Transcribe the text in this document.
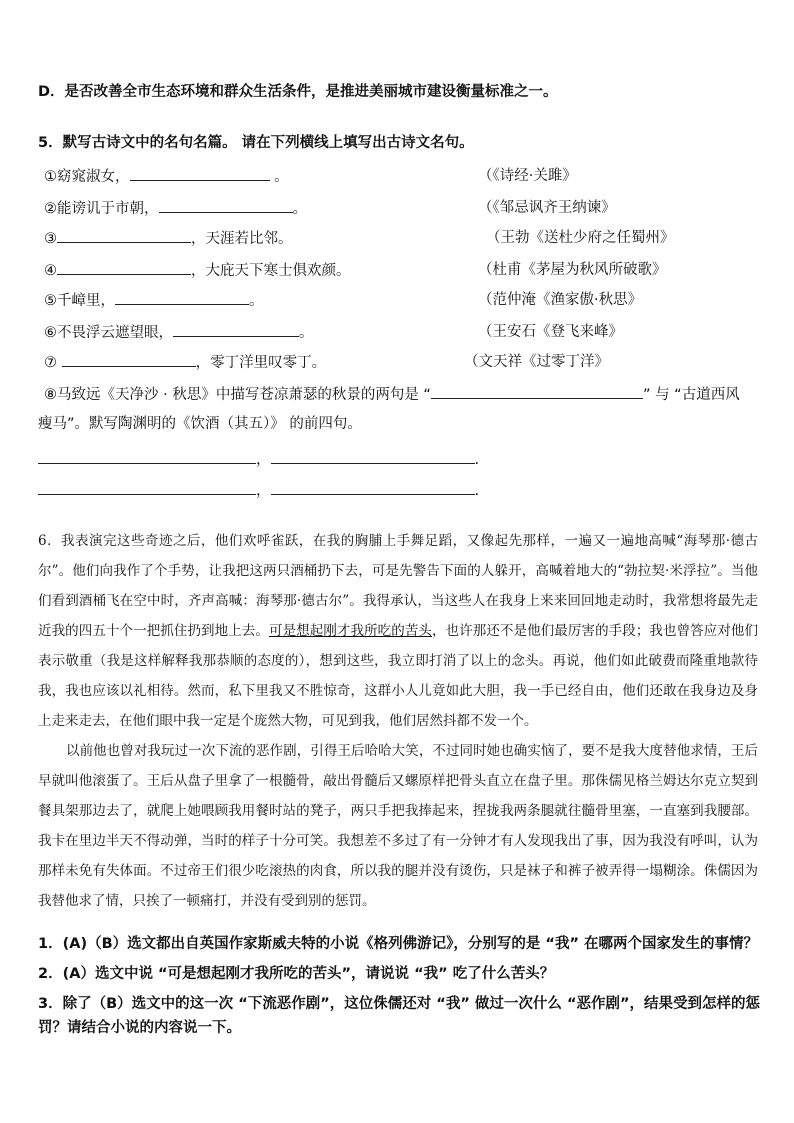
D．是否改善全市生态环境和群众生活条件，是推进美丽城市建设衡量标准之一。
5．默写古诗文中的名句名篇。 请在下列横线上填写出古诗文名句。
①窈窕淑女，	。	（《诗经·关雎》
②能谤讥于市朝，	。	（《邹忌讽齐王纳谏》
③	，天涯若比邻。	（王勃《送杜少府之任蜀州》
④	，大庇天下寒士俱欢颜。	（杜甫《茅屋为秋风所破歌》
⑤千嶂里，	。	（范仲淹《渔家傲·秋思》
⑥不畏浮云遮望眼，	。	（王安石《登飞来峰》
⑦	，零丁洋里叹零丁。	（文天祥《过零丁洋》
⑧马致远《天净沙 · 秋思》中描写苍凉萧瑟的秋景的两句是 “	” 与 “古道西风
瘦马”。默写陶渊明的《饮酒（其五）》 的前四句。
，	.
，	.

6．我表演完这些奇迹之后，他们欢呼雀跃，在我的胸脯上手舞足蹈，又像起先那样，一遍又一遍地高喊“海琴那·德古尔”。他们向我作了个手势，让我把这两只酒桶扔下去，可是先警告下面的人躲开，高喊着地大的“勃拉契·米浮拉”。当他们看到酒桶飞在空中时，齐声高喊：海琴那·德古尔”。我得承认，当这些人在我身上来来回回地走动时，我常想将最先走近我的四五十个一把抓住扔到地上去。可是想起刚才我所吃的苦头，也许那还不是他们最厉害的手段；我也曾答应对他们表示敬重（我是这样解释我那恭顺的态度的），想到这些，我立即打消了以上的念头。再说，他们如此破费而隆重地款待我，我也应该以礼相待。然而，私下里我又不胜惊奇，这群小人儿竟如此大胆，我一手已经自由，他们还敢在我身边及身上走来走去，在他们眼中我一定是个庞然大物，可见到我，他们居然抖都不发一个。

以前他也曾对我玩过一次下流的恶作剧，引得王后哈哈大笑，不过同时她也确实恼了，要不是我大度替他求情，王后早就叫他滚蛋了。王后从盘子里拿了一根髓骨，敲出骨髓后又螺原样把骨头直立在盘子里。那侏儒见格兰姆达尔克立契到餐具架那边去了，就爬上她喂顾我用餐时站的凳子，两只手把我捧起来，捏拢我两条腿就往髓骨里塞，一直塞到我腰部。我卡在里边半天不得动弹，当时的样子十分可笑。我想差不多过了有一分钟才有人发现我出了事，因为我没有呼叫，认为那样未免有失体面。不过帝王们很少吃滚热的肉食，所以我的腿并没有烫伤，只是袜子和裤子被弄得一塌糊涂。侏儒因为我替他求了情，只挨了一顿痛打，并没有受到别的惩罚。

1．(A)（B）选文都出自英国作家斯威夫特的小说《格列佛游记》，分别写的是 “我” 在哪两个国家发生的事情？

2．(A）选文中说 “可是想起刚才我所吃的苦头”，请说说 “我” 吃了什么苦头？

3．除了（B）选文中的这一次 “下流恶作剧”，这位侏儒还对 “我” 做过一次什么 “恶作剧”，结果受到怎样的惩罚？请结合小说的内容说一下。
